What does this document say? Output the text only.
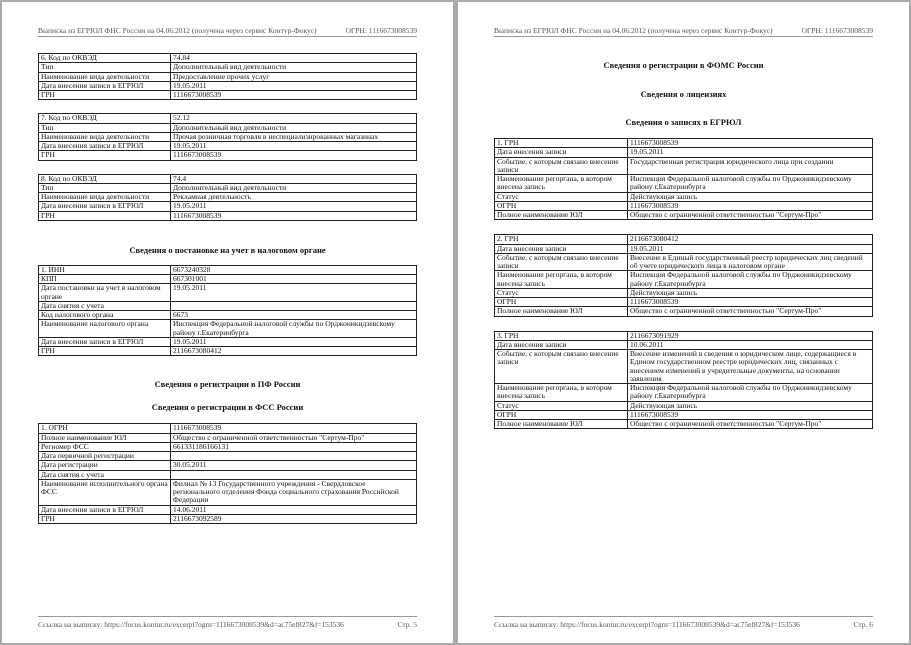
Выписка из ЕГРЮЛ ФНС России на 04.06.2012 (получена через сервис Контур-Фокус)	ОГРН: 1116673008539
6. Код по ОКВЭД	74.84
Тип	Дополнительный вид деятельности
Наименование вида деятельности	Предоставление прочих услуг
Дата внесения записи в ЕГРЮЛ	19.05.2011
ГРН	1116673008539
7. Код по ОКВЭД	52.12
Тип	Дополнительный вид деятельности
Наименование вида деятельности	Прочая розничная торговля в неспециализированных магазинах
Дата внесения записи в ЕГРЮЛ	19.05.2011
ГРН	1116673008539
8. Код по ОКВЭД	74.4
Тип	Дополнительный вид деятельности
Наименование вида деятельности	Рекламная деятельность
Дата внесения записи в ЕГРЮЛ	19.05.2011
ГРН	1116673008539
Сведения о постановке на учет в налоговом органе
1. ИНН	6673240328
КПП	667301001
Дата постановки на учет в налоговом органе	19.05.2011
Дата снятия с учета	
Код налогового органа	6673
Наименование налогового органа	Инспекция Федеральной налоговой службы по Орджоникидзевскому району г.Екатеринбурга
Дата внесения записи в ЕГРЮЛ	19.05.2011
ГРН	2116673080412
Сведения о регистрации в ПФ России
Сведения о регистрации в ФСС России
1. ОГРН	1116673008539
Полное наименование ЮЛ	Общество с ограниченной ответственностью "Сертум-Про"
Регномер ФСС	661331186166131
Дата первичной регистрации	
Дата регистрации	30.05.2011
Дата снятия с учета	
Наименование исполнительного органа ФСС	Филиал № 13 Государственного учреждения - Свердловское регионального отделения Фонда социального страхования Российской Федерации
Дата внесения записи в ЕГРЮЛ	14.06.2011
ГРН	2116673092589
Ссылка на выписку: https://focus.kontur.ru/excerpt?ogrn=1116673008539&d=ac75ef827&l=153536	Стр. 5
Выписка из ЕГРЮЛ ФНС России на 04.06.2012 (получена через сервис Контур-Фокус)	ОГРН: 1116673008539
Сведения о регистрации в ФОМС России
Сведения о лицензиях
Сведения о записях в ЕГРЮЛ
1. ГРН	1116673008539
Дата внесения записи	19.05.2011
Событие, с которым связано внесение записи	Государственная регистрация юридического лица при создании
Наименование регоргана, в котором внесена запись	Инспекция Федеральной налоговой службы по Орджоникидзевскому району г.Екатеринбурга
Статус	Действующая запись
ОГРН	1116673008539
Полное наименование ЮЛ	Общество с ограниченной ответственностью "Сертум-Про"
2. ГРН	2116673080412
Дата внесения записи	19.05.2011
Событие, с которым связано внесение записи	Внесение в Единый государственный реестр юридических лиц сведений об учете юридического лица в налоговом органе
Наименование регоргана, в котором внесена запись	Инспекция Федеральной налоговой службы по Орджоникидзевскому району г.Екатеринбурга
Статус	Действующая запись
ОГРН	1116673008539
Полное наименование ЮЛ	Общество с ограниченной ответственностью "Сертум-Про"
3. ГРН	2116673091929
Дата внесения записи	10.06.2011
Событие, с которым связано внесение записи	Внесение изменений в сведения о юридическом лице, содержащиеся в Едином государственном реестре юридических лиц, связанных с внесением изменений в учредительные документы, на основании заявления
Наименование регоргана, в котором внесена запись	Инспекция Федеральной налоговой службы по Орджоникидзевскому району г.Екатеринбурга
Статус	Действующая запись
ОГРН	1116673008539
Полное наименование ЮЛ	Общество с ограниченной ответственностью "Сертум-Про"
Ссылка на выписку: https://focus.kontur.ru/excerpt?ogrn=1116673008539&d=ac75ef827&l=153536	Стр. 6
